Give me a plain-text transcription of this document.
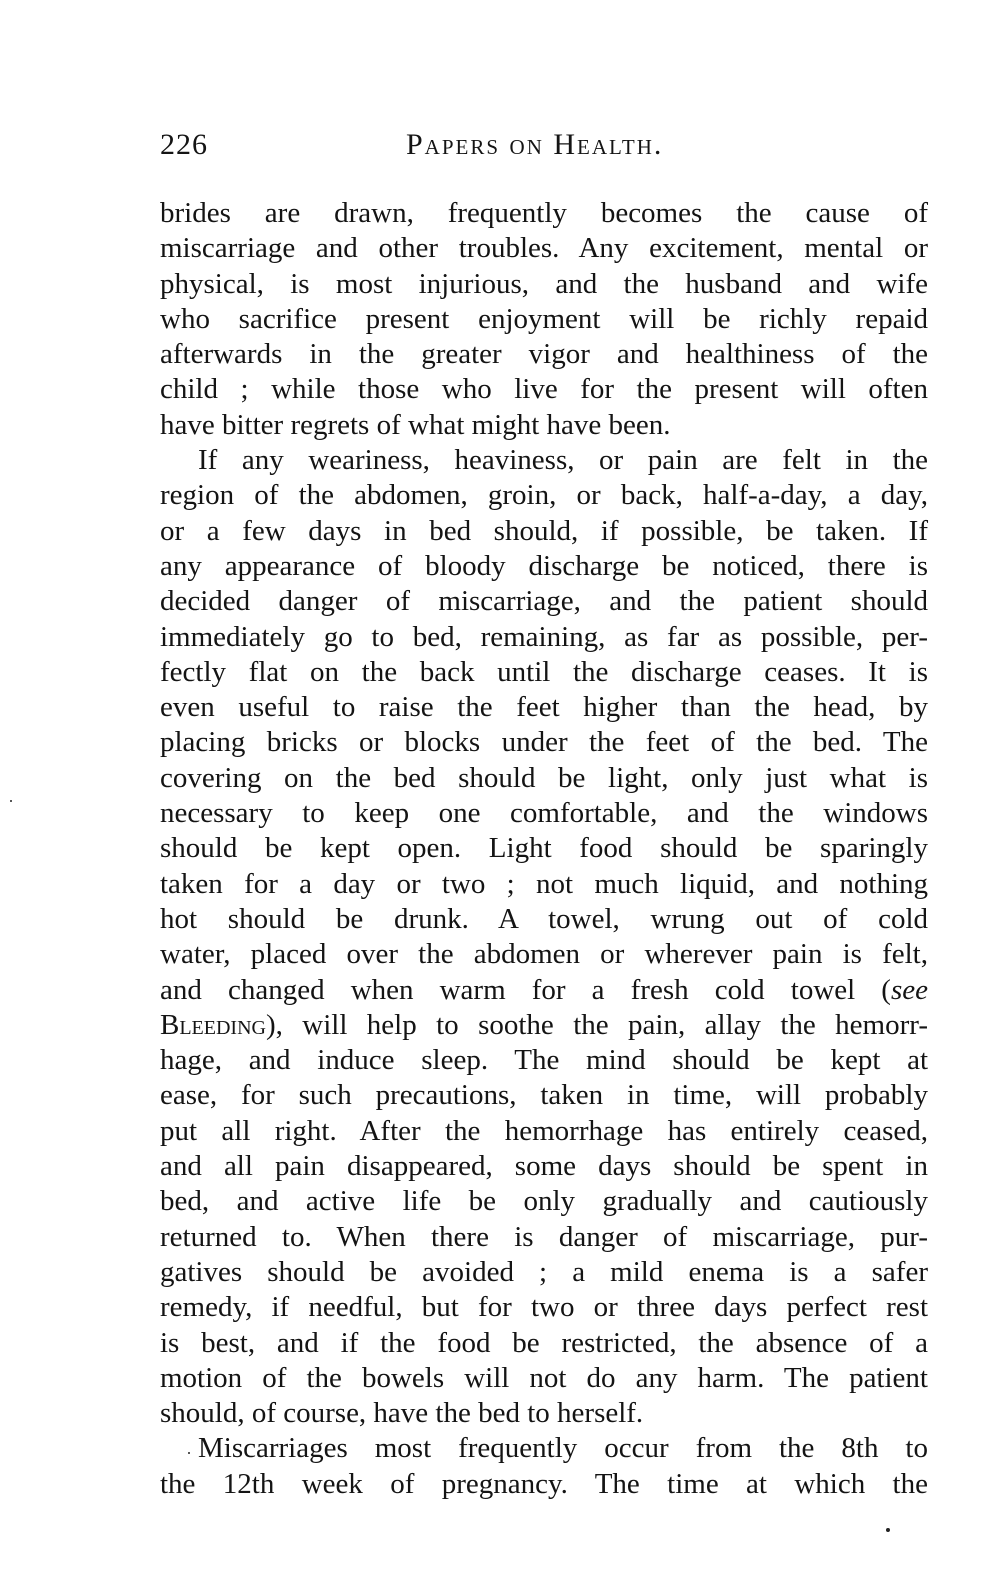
226	Papers on Health.
brides are drawn, frequently becomes the cause of
miscarriage and other troubles. Any excitement, mental or
physical, is most injurious, and the husband and wife
who sacrifice present enjoyment will be richly repaid
afterwards in the greater vigor and healthiness of the
child ; while those who live for the present will often
have bitter regrets of what might have been.
If any weariness, heaviness, or pain are felt in the
region of the abdomen, groin, or back, half-a-day, a day,
or a few days in bed should, if possible, be taken. If
any appearance of bloody discharge be noticed, there is
decided danger of miscarriage, and the patient should
immediately go to bed, remaining, as far as possible, per-
fectly flat on the back until the discharge ceases. It is
even useful to raise the feet higher than the head, by
placing bricks or blocks under the feet of the bed. The
covering on the bed should be light, only just what is
necessary to keep one comfortable, and the windows
should be kept open. Light food should be sparingly
taken for a day or two ; not much liquid, and nothing
hot should be drunk. A towel, wrung out of cold
water, placed over the abdomen or wherever pain is felt,
and changed when warm for a fresh cold towel (see
Bleeding), will help to soothe the pain, allay the hemorr-
hage, and induce sleep. The mind should be kept at
ease, for such precautions, taken in time, will probably
put all right. After the hemorrhage has entirely ceased,
and all pain disappeared, some days should be spent in
bed, and active life be only gradually and cautiously
returned to. When there is danger of miscarriage, pur-
gatives should be avoided ; a mild enema is a safer
remedy, if needful, but for two or three days perfect rest
is best, and if the food be restricted, the absence of a
motion of the bowels will not do any harm. The patient
should, of course, have the bed to herself.
Miscarriages most frequently occur from the 8th to
the 12th week of pregnancy. The time at which the
